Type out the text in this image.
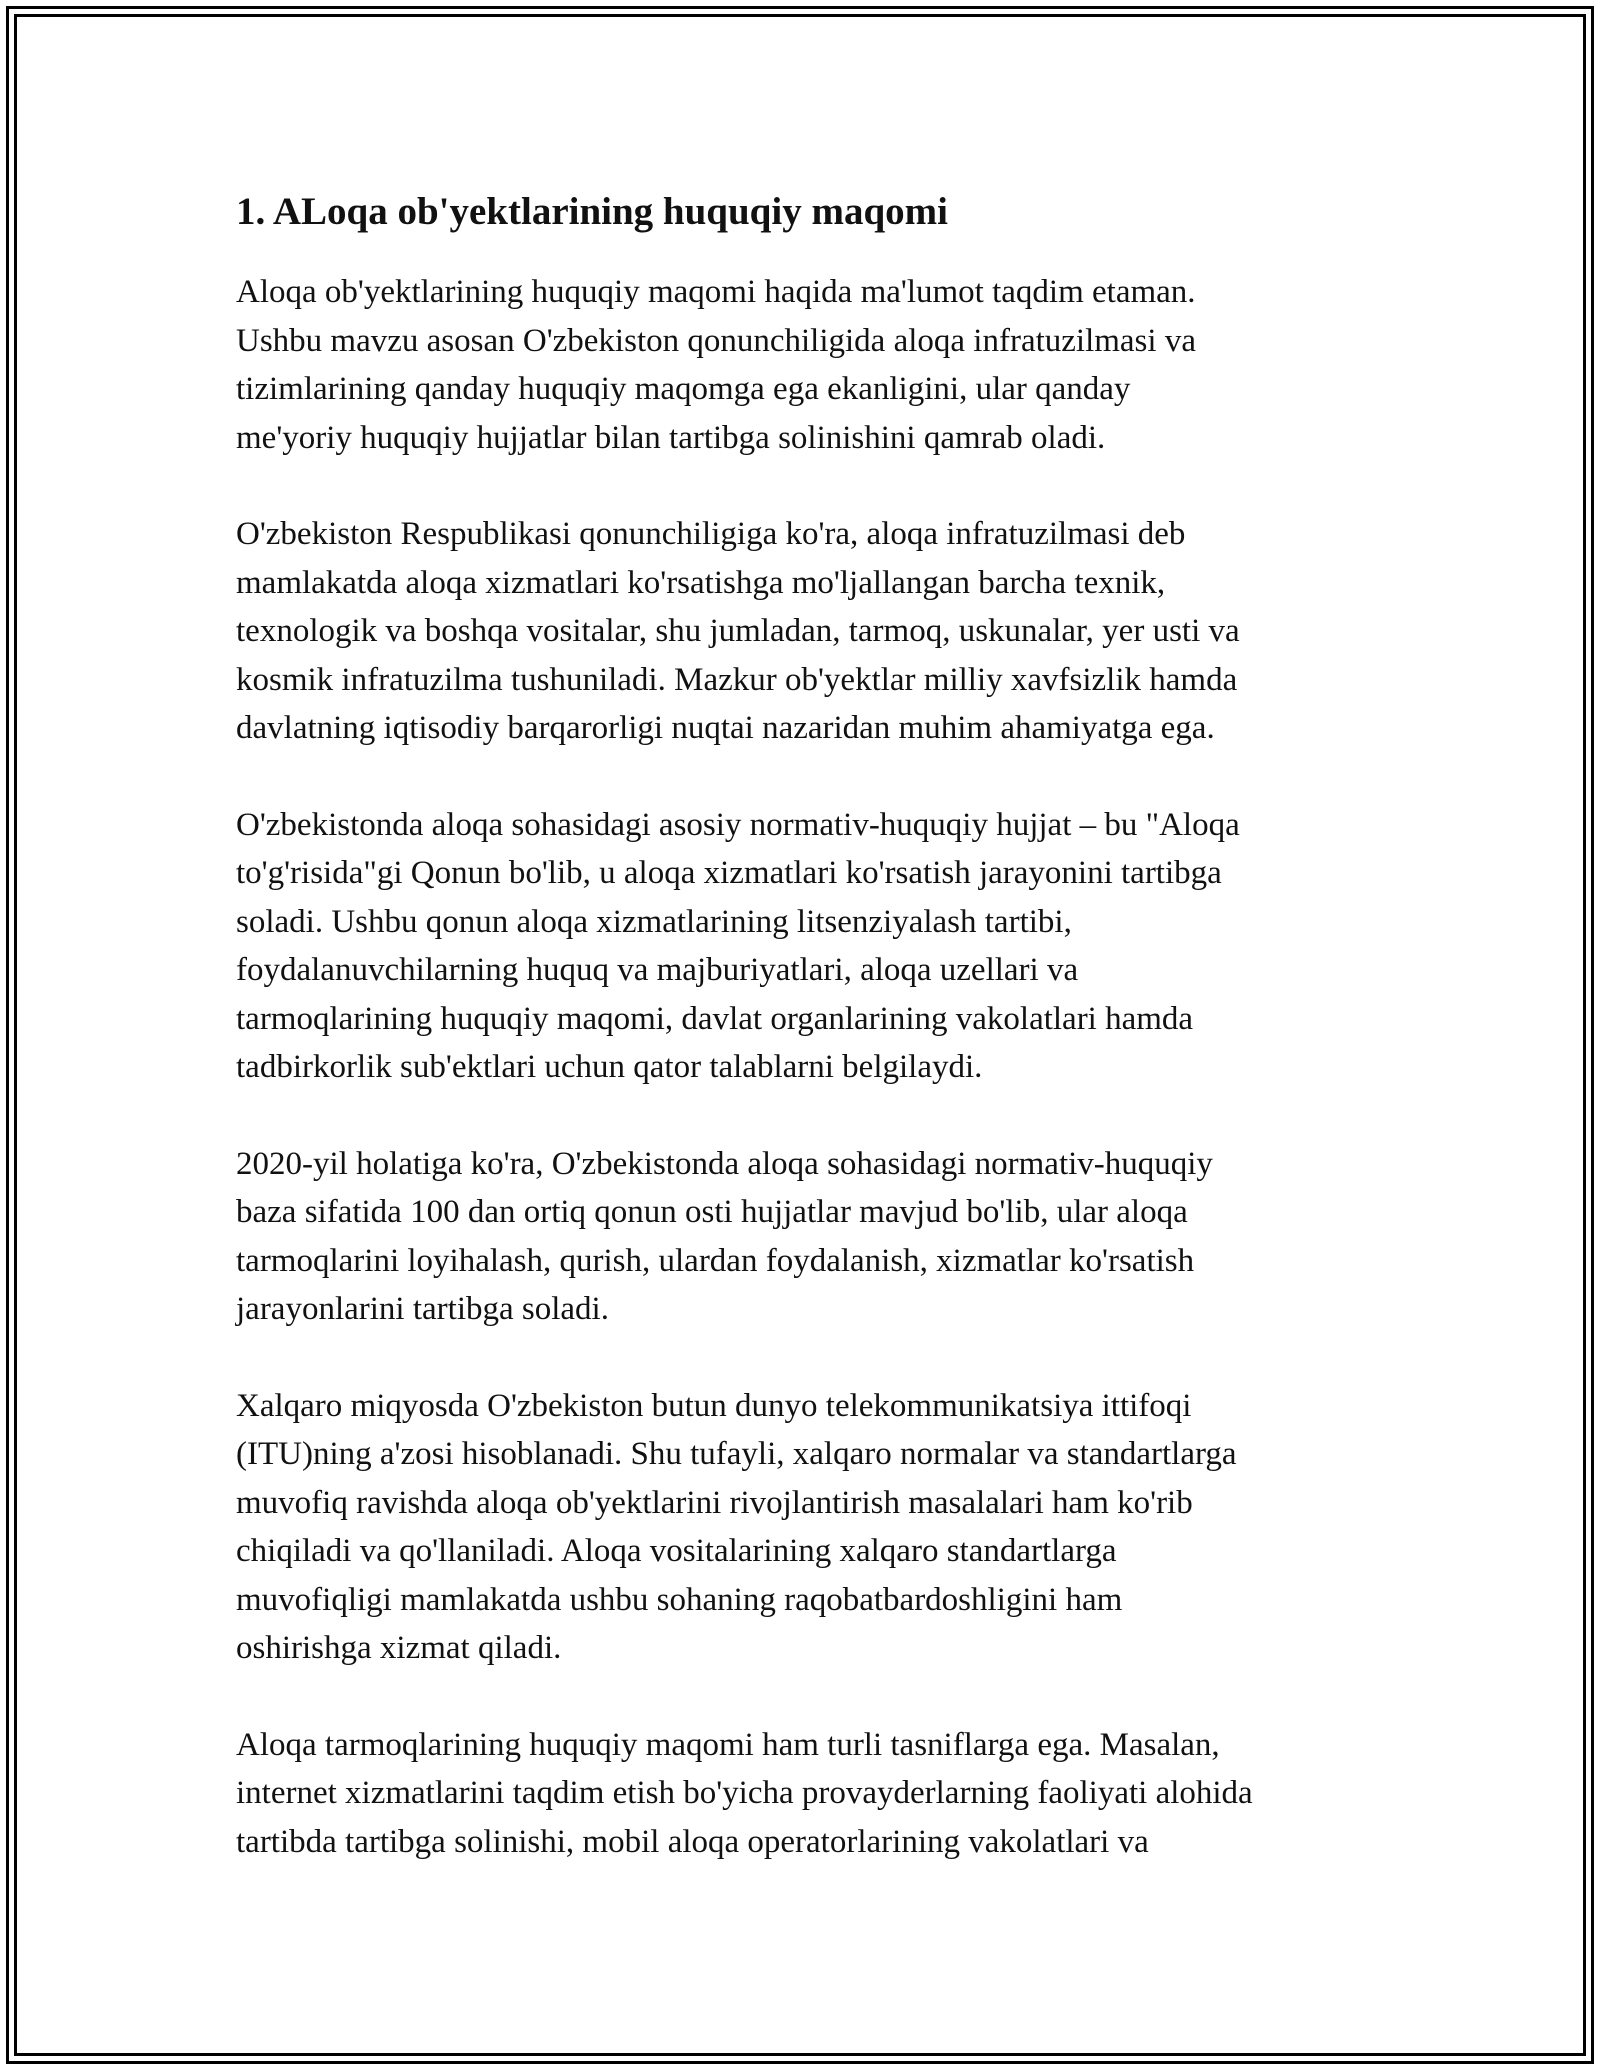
1. ALoqa ob'yektlarining huquqiy maqomi

Aloqa ob'yektlarining huquqiy maqomi haqida ma'lumot taqdim etaman.
Ushbu mavzu asosan O'zbekiston qonunchiligida aloqa infratuzilmasi va
tizimlarining qanday huquqiy maqomga ega ekanligini, ular qanday
me'yoriy huquqiy hujjatlar bilan tartibga solinishini qamrab oladi.

O'zbekiston Respublikasi qonunchiligiga ko'ra, aloqa infratuzilmasi deb
mamlakatda aloqa xizmatlari ko'rsatishga mo'ljallangan barcha texnik,
texnologik va boshqa vositalar, shu jumladan, tarmoq, uskunalar, yer usti va
kosmik infratuzilma tushuniladi. Mazkur ob'yektlar milliy xavfsizlik hamda
davlatning iqtisodiy barqarorligi nuqtai nazaridan muhim ahamiyatga ega.

O'zbekistonda aloqa sohasidagi asosiy normativ-huquqiy hujjat – bu "Aloqa
to'g'risida"gi Qonun bo'lib, u aloqa xizmatlari ko'rsatish jarayonini tartibga
soladi. Ushbu qonun aloqa xizmatlarining litsenziyalash tartibi,
foydalanuvchilarning huquq va majburiyatlari, aloqa uzellari va
tarmoqlarining huquqiy maqomi, davlat organlarining vakolatlari hamda
tadbirkorlik sub'ektlari uchun qator talablarni belgilaydi.

2020-yil holatiga ko'ra, O'zbekistonda aloqa sohasidagi normativ-huquqiy
baza sifatida 100 dan ortiq qonun osti hujjatlar mavjud bo'lib, ular aloqa
tarmoqlarini loyihalash, qurish, ulardan foydalanish, xizmatlar ko'rsatish
jarayonlarini tartibga soladi.

Xalqaro miqyosda O'zbekiston butun dunyo telekommunikatsiya ittifoqi
(ITU)ning a'zosi hisoblanadi. Shu tufayli, xalqaro normalar va standartlarga
muvofiq ravishda aloqa ob'yektlarini rivojlantirish masalalari ham ko'rib
chiqiladi va qo'llaniladi. Aloqa vositalarining xalqaro standartlarga
muvofiqligi mamlakatda ushbu sohaning raqobatbardoshligini ham
oshirishga xizmat qiladi.

Aloqa tarmoqlarining huquqiy maqomi ham turli tasniflarga ega. Masalan,
internet xizmatlarini taqdim etish bo'yicha provayderlarning faoliyati alohida
tartibda tartibga solinishi, mobil aloqa operatorlarining vakolatlari va
